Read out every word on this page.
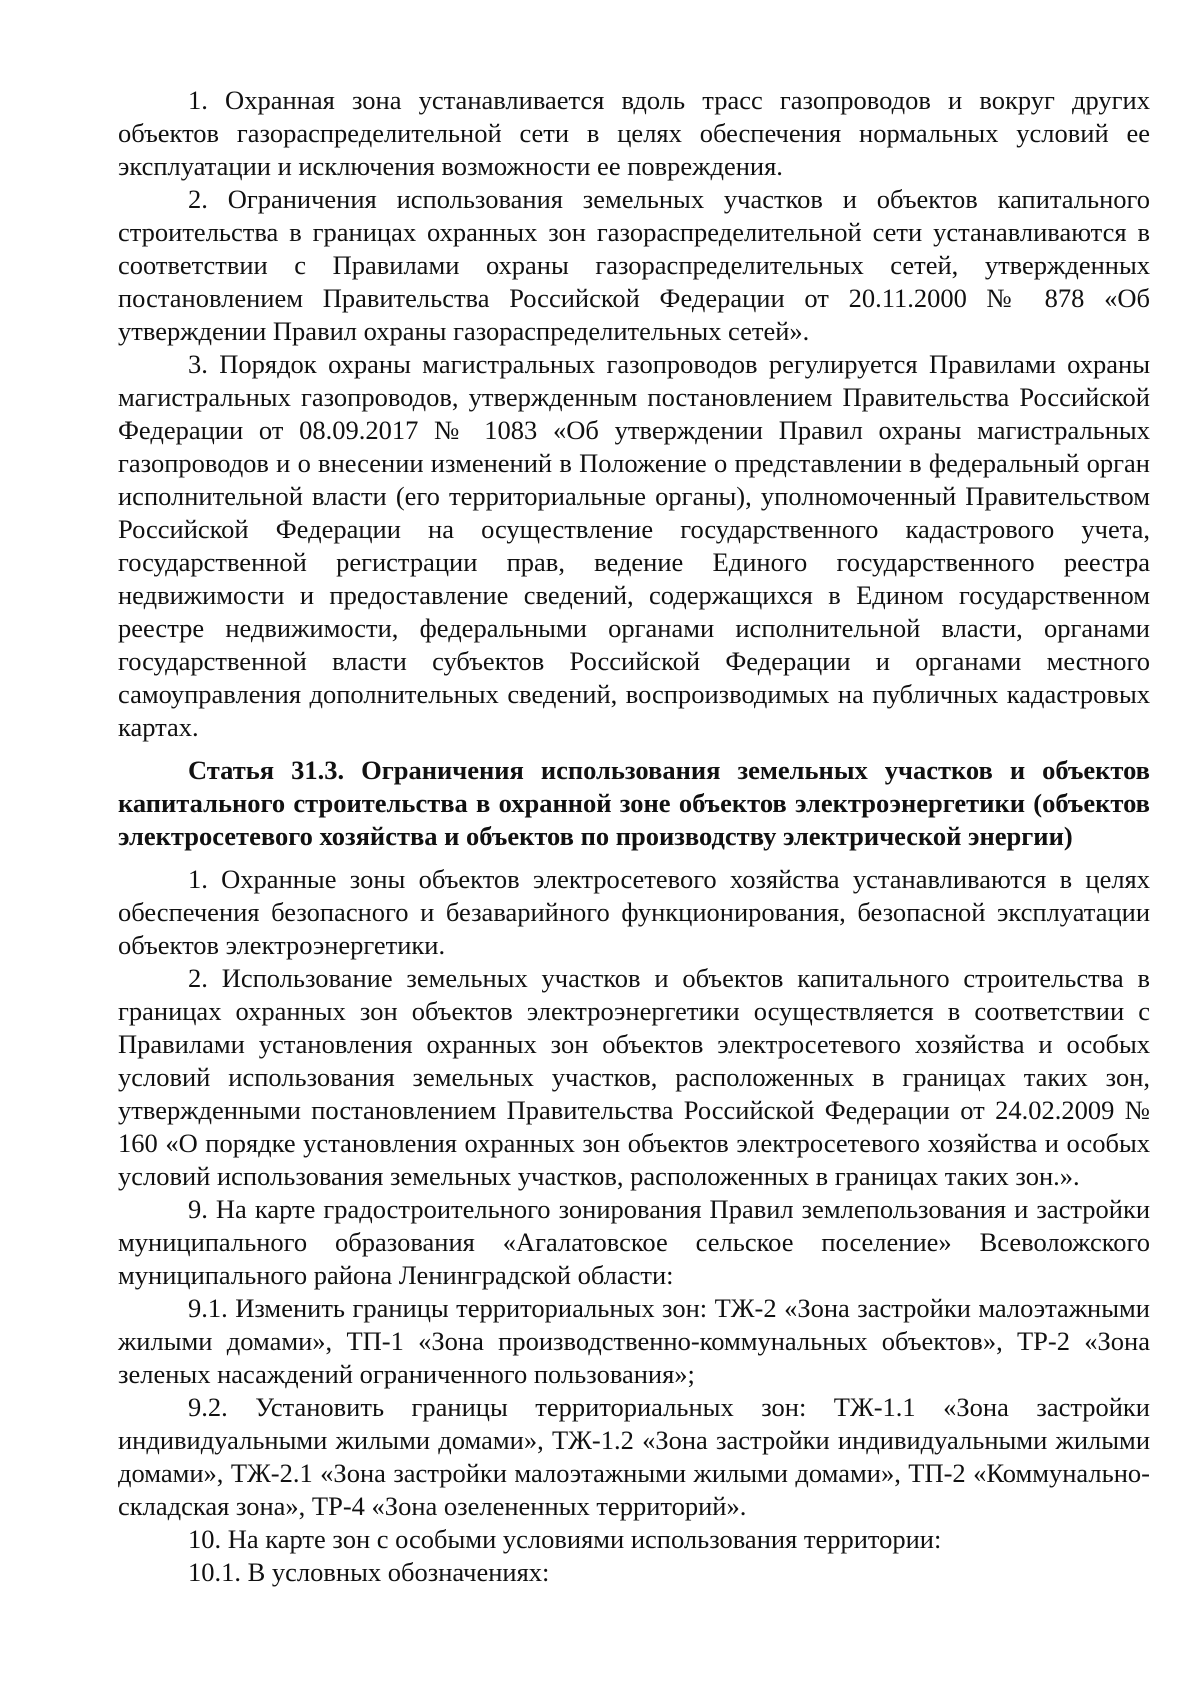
1. Охранная зона устанавливается вдоль трасс газопроводов и вокруг других объектов газораспределительной сети в целях обеспечения нормальных условий ее эксплуатации и исключения возможности ее повреждения.

2. Ограничения использования земельных участков и объектов капитального строительства в границах охранных зон газораспределительной сети устанавливаются в соответствии с Правилами охраны газораспределительных сетей, утвержденных постановлением Правительства Российской Федерации от 20.11.2000 № 878 «Об утверждении Правил охраны газораспределительных сетей».

3. Порядок охраны магистральных газопроводов регулируется Правилами охраны магистральных газопроводов, утвержденным постановлением Правительства Российской Федерации от 08.09.2017 № 1083 «Об утверждении Правил охраны магистральных газопроводов и о внесении изменений в Положение о представлении в федеральный орган исполнительной власти (его территориальные органы), уполномоченный Правительством Российской Федерации на осуществление государственного кадастрового учета, государственной регистрации прав, ведение Единого государственного реестра недвижимости и предоставление сведений, содержащихся в Едином государственном реестре недвижимости, федеральными органами исполнительной власти, органами государственной власти субъектов Российской Федерации и органами местного самоуправления дополнительных сведений, воспроизводимых на публичных кадастровых картах.

Статья 31.3. Ограничения использования земельных участков и объектов капитального строительства в охранной зоне объектов электроэнергетики (объектов электросетевого хозяйства и объектов по производству электрической энергии)

1. Охранные зоны объектов электросетевого хозяйства устанавливаются в целях обеспечения безопасного и безаварийного функционирования, безопасной эксплуатации объектов электроэнергетики.

2. Использование земельных участков и объектов капитального строительства в границах охранных зон объектов электроэнергетики осуществляется в соответствии с Правилами установления охранных зон объектов электросетевого хозяйства и особых условий использования земельных участков, расположенных в границах таких зон, утвержденными постановлением Правительства Российской Федерации от 24.02.2009 № 160 «О порядке установления охранных зон объектов электросетевого хозяйства и особых условий использования земельных участков, расположенных в границах таких зон.».

9. На карте градостроительного зонирования Правил землепользования и застройки муниципального образования «Агалатовское сельское поселение» Всеволожского муниципального района Ленинградской области:

9.1. Изменить границы территориальных зон: ТЖ-2 «Зона застройки малоэтажными жилыми домами», ТП-1 «Зона производственно-коммунальных объектов», ТР-2 «Зона зеленых насаждений ограниченного пользования»;

9.2. Установить границы территориальных зон: ТЖ-1.1 «Зона застройки индивидуальными жилыми домами», ТЖ-1.2 «Зона застройки индивидуальными жилыми домами», ТЖ-2.1 «Зона застройки малоэтажными жилыми домами», ТП-2 «Коммунально-складская зона», ТР-4 «Зона озелененных территорий».

10. На карте зон с особыми условиями использования территории:

10.1. В условных обозначениях:
